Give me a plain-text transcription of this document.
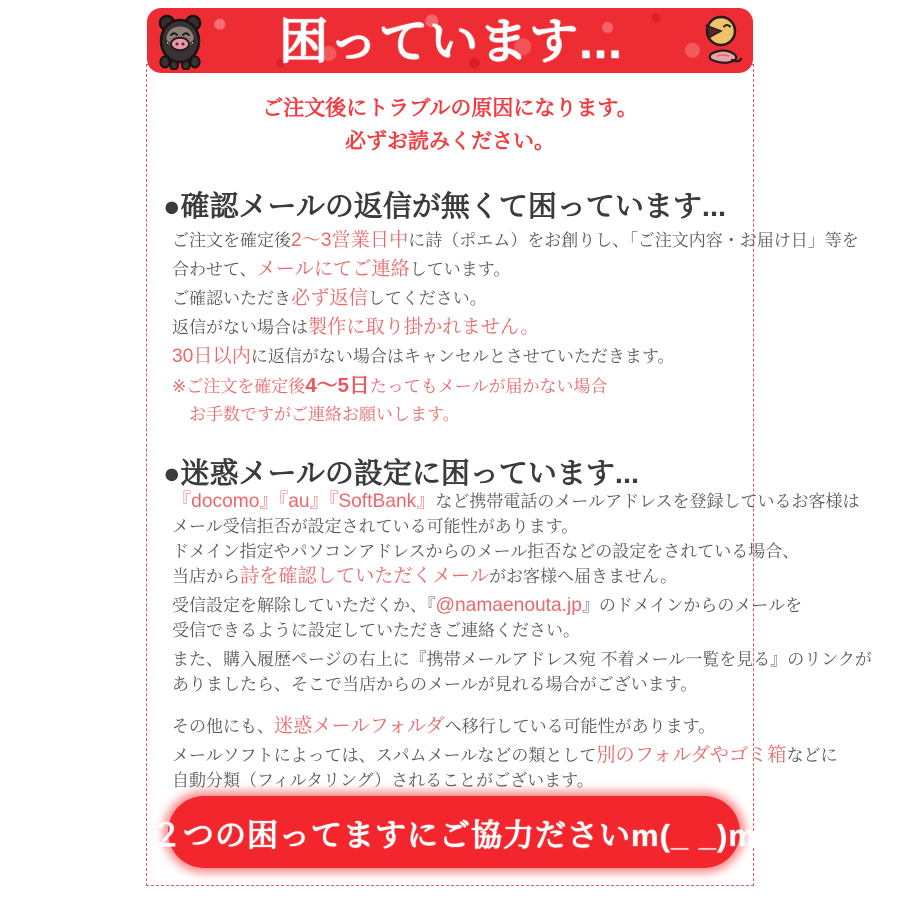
困っています...
ご注文後にトラブルの原因になります。
必ずお読みください。
●確認メールの返信が無くて困っています...
ご注文を確定後2〜3営業日中に詩（ポエム）をお創りし、「ご注文内容・お届け日」等を
合わせて、メールにてご連絡しています。
ご確認いただき必ず返信してください。
返信がない場合は製作に取り掛かれません。
30日以内に返信がない場合はキャンセルとさせていただきます。
※ご注文を確定後4〜5日たってもメールが届かない場合
　お手数ですがご連絡お願いします。
●迷惑メールの設定に困っています...
『docomo』『au』『SoftBank』など携帯電話のメールアドレスを登録しているお客様は
メール受信拒否が設定されている可能性があります。
ドメイン指定やパソコンアドレスからのメール拒否などの設定をされている場合、
当店から詩を確認していただくメールがお客様へ届きません。
受信設定を解除していただくか、『@namaenouta.jp』のドメインからのメールを
受信できるように設定していただきご連絡ください。
また、購入履歴ページの右上に『携帯メールアドレス宛 不着メール一覧を見る』のリンクが
ありましたら、そこで当店からのメールが見れる場合がございます。
その他にも、迷惑メールフォルダへ移行している可能性があります。
メールソフトによっては、スパムメールなどの類として別のフォルダやゴミ箱などに
自動分類（フィルタリング）されることがございます。
２つの困ってますにご協力ださいm(_ _)m
